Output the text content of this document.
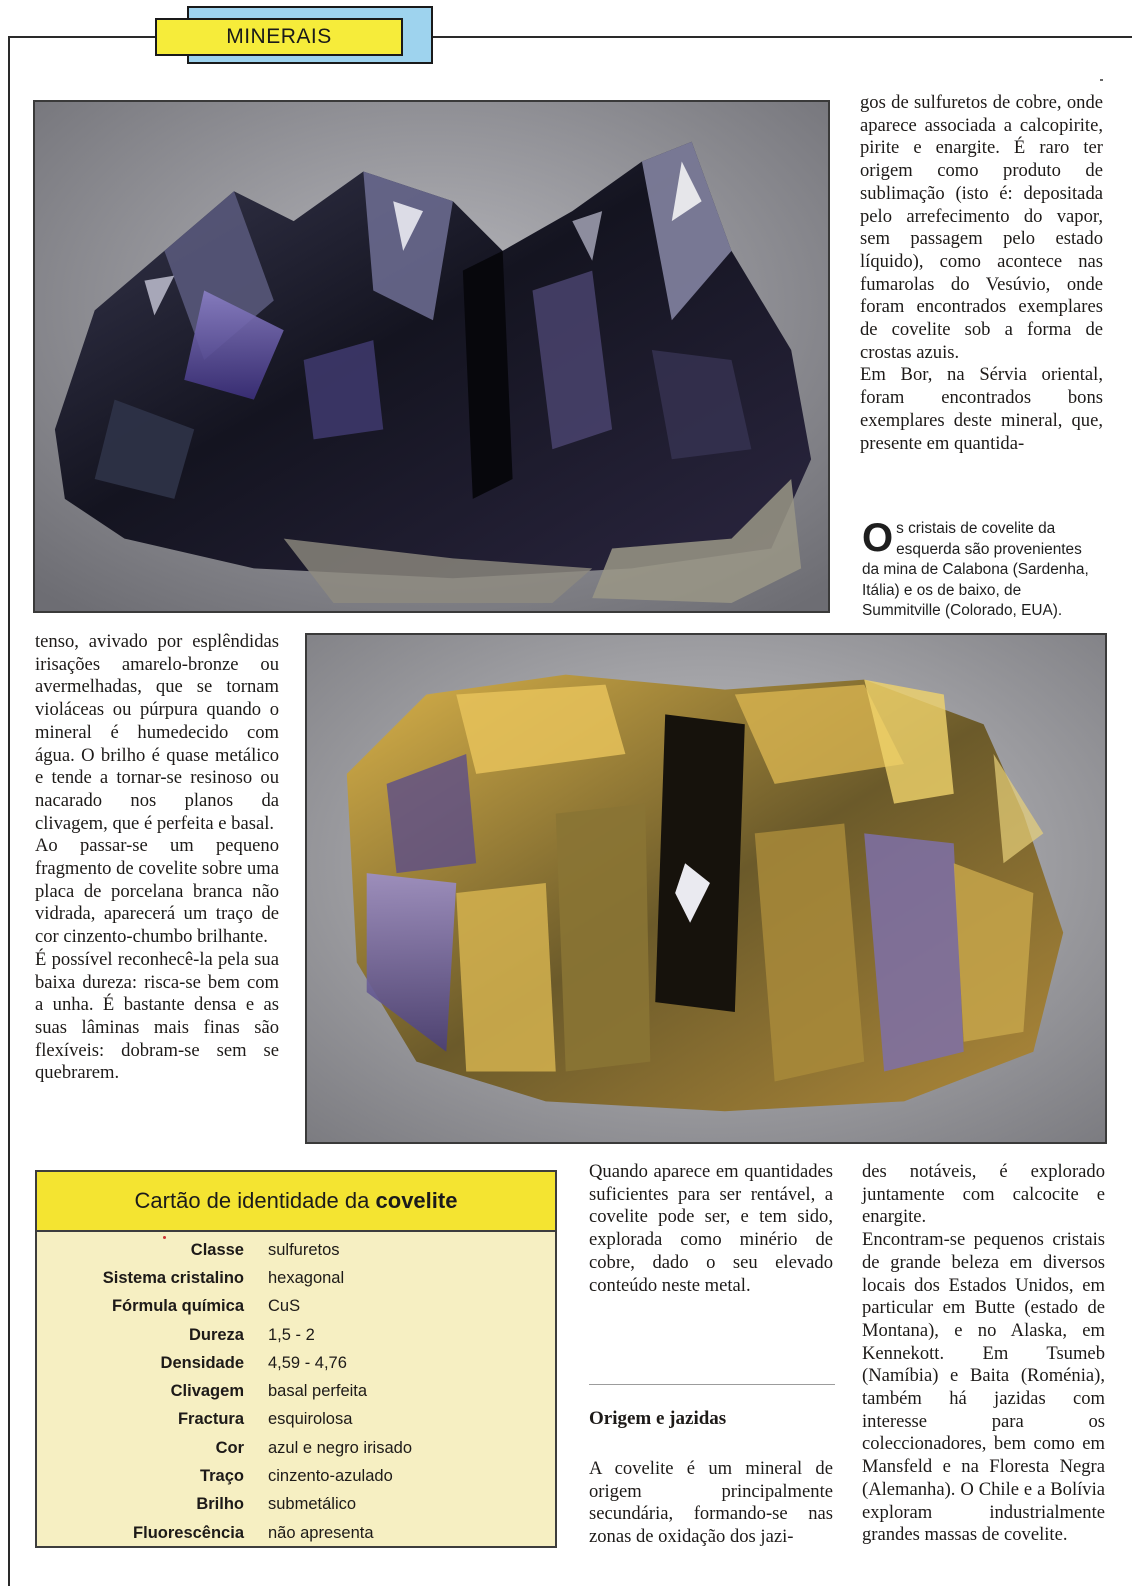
MINERAIS
gos de sulfuretos de cobre, onde aparece associada a calcopirite, pirite e enargite. É raro ter origem como produto de sublimação (isto é: depositada pelo arrefecimento do vapor, sem passagem pelo estado líquido), como acontece nas fumarolas do Vesúvio, onde foram encontrados exemplares de covelite sob a forma de crostas azuis.
Em Bor, na Sérvia oriental, foram encontrados bons exemplares deste mineral, que, presente em quantida-
Os cristais de covelite da esquerda são provenientes da mina de Calabona (Sardenha, Itália) e os de baixo, de Summitville (Colorado, EUA).
tenso, avivado por esplêndidas irisações amarelo-bronze ou avermelhadas, que se tornam violáceas ou púrpura quando o mineral é humedecido com água. O brilho é quase metálico e tende a tornar-se resinoso ou nacarado nos planos da clivagem, que é perfeita e basal.
Ao passar-se um pequeno fragmento de covelite sobre uma placa de porcelana branca não vidrada, aparecerá um traço de cor cinzento-chumbo brilhante.
É possível reconhecê-la pela sua baixa dureza: risca-se bem com a unha. É bastante densa e as suas lâminas mais finas são flexíveis: dobram-se sem se quebrarem.
Cartão de identidade da
covelite
Classe	sulfuretos
Sistema cristalino	hexagonal
Fórmula química	CuS
Dureza	1,5 - 2
Densidade	4,59 - 4,76
Clivagem	basal perfeita
Fractura	esquirolosa
Cor	azul e negro irisado
Traço	cinzento-azulado
Brilho	submetálico
Fluorescência	não apresenta
Quando aparece em quantidades suficientes para ser rentável, a covelite pode ser, e tem sido, explorada como minério de cobre, dado o seu elevado conteúdo neste metal.
Origem e jazidas
A covelite é um mineral de origem principalmente secundária, formando-se nas zonas de oxidação dos jazi-
des notáveis, é explorado juntamente com calcocite e enargite.
Encontram-se pequenos cristais de grande beleza em diversos locais dos Estados Unidos, em particular em Butte (estado de Montana), e no Alaska, em Kennekott. Em Tsumeb (Namíbia) e Baita (Roménia), também há jazidas com interesse para os coleccionadores, bem como em Mansfeld e na Floresta Negra (Alemanha). O Chile e a Bolívia exploram industrialmente grandes massas de covelite.
